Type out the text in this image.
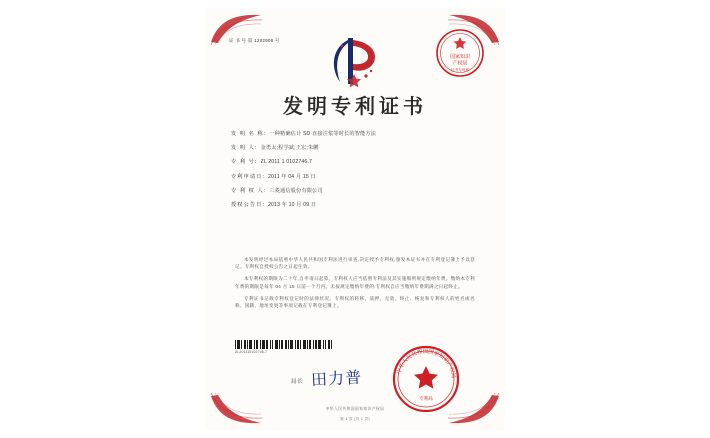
证 书 号 第 1282906 号
国家知识
产权局
证书专用章
发明专利证书
发 明 名 称: 一种精确估计 SD 直接注浆等时长的智能方法
发 明 人: 金勇太;程学斌;王宏;朱鹏
专 利 号: ZL 2011 1 0102746.7
专利申请日: 2011 年 04 月 15 日
专 利 权 人: 三菱通信股份有限公司
授权公告日: 2013 年 10 月 09 日

本发明经过本局依照中华人民共和国专利法进行审查,决定授予专利权,颁发本证书并在专利登记簿上予以登记。专利权自授权公告之日起生效。

本专利权的期限为二十年,自申请日起算。专利权人应当依照专利法及其实施细则规定缴纳年费。缴纳本专利年费的期限是每年 04 月 15 日前一个月内。未按规定缴纳年费的,专利权自应当缴纳年费期满之日起终止。

专利证书记载专利权登记时的法律状况。专利权的转移、质押、无效、终止、恢复和专利权人的姓名或名称、国籍、地址变更等事项记载在专利登记簿上。

ZL201110102746.7
局长 田力普	中华人民共和国国家知识产权局
专利局
中华人民共和国国家知识产权局
第 1 页 (共 1 页)
